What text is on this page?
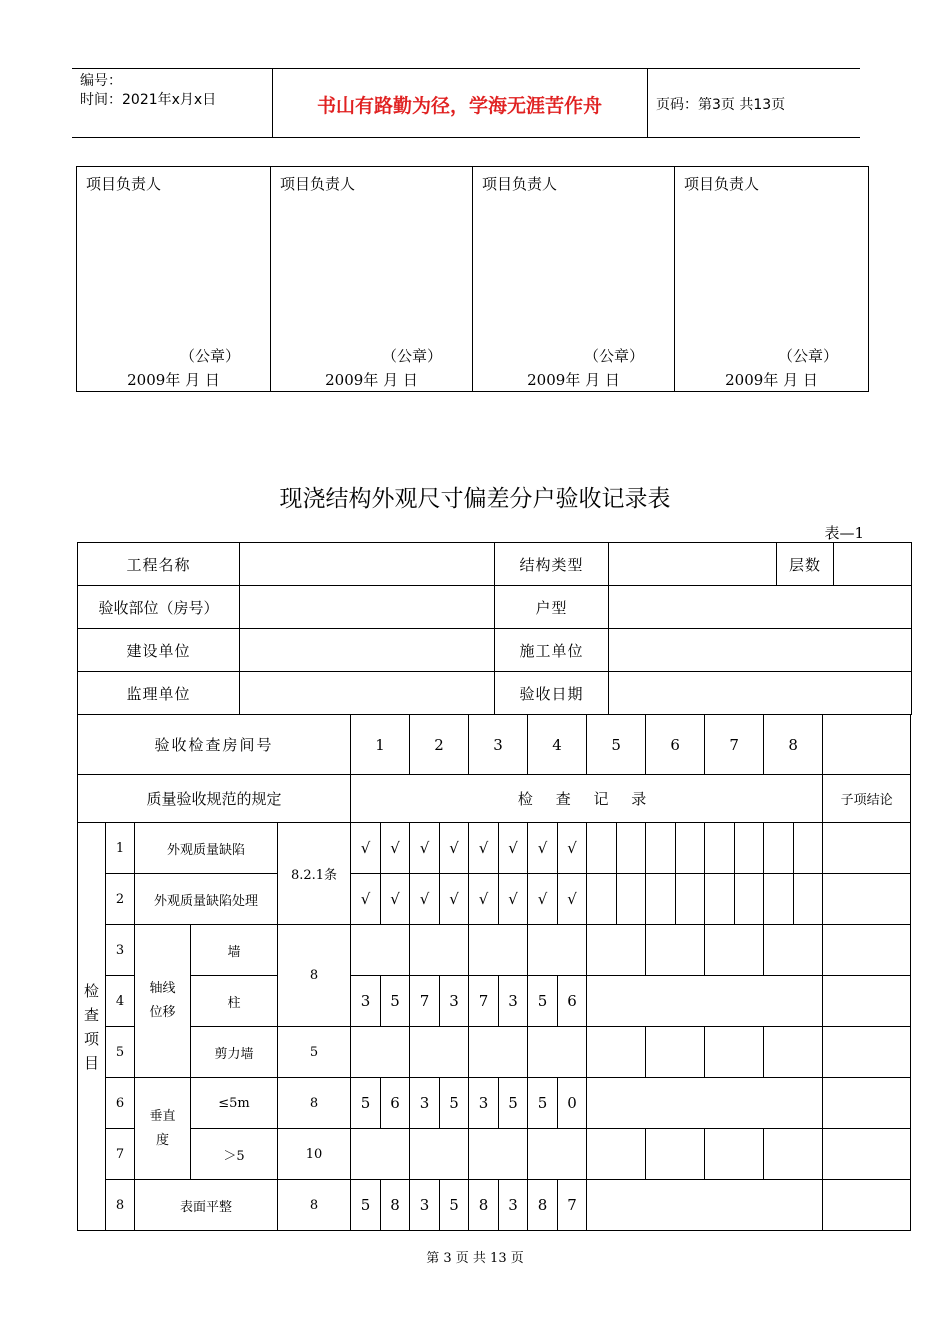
编号：
时间：2021年x月x日	书山有路勤为径，学海无涯苦作舟	页码：第3页 共13页
项目负责人
（公章）
2009年 月 日

项目负责人
（公章）
2009年 月 日

项目负责人
（公章）
2009年 月 日

项目负责人
（公章）
2009年 月 日
现浇结构外观尺寸偏差分户验收记录表
表—1
工程名称		结构类型		层数	
验收部位（房号）		户型			
建设单位		施工单位			
监理单位		验收日期			
验收检查房间号					1		2		3		4		5		6		7		8		
质量验收规范的规定					检 查 记 录																子项结论
检查项目	1	外观质量缺陷		8.2.1条	√	√	√	√	√	√	√	√									
	2	外观质量缺陷处理			√	√	√	√	√	√	√	√									
	3	轴线位移	墙	8																	
	4		柱		3	5	7	3	7	3	5	6									
	5		剪力墙	5																	
	6	垂直度	≤5m	8	5	6	3	5	3	5	5	0									
	7		＞5	10																	
	8	表面平整		8	5	8	3	5	8	3	8	7									
第 3 页 共 13 页
